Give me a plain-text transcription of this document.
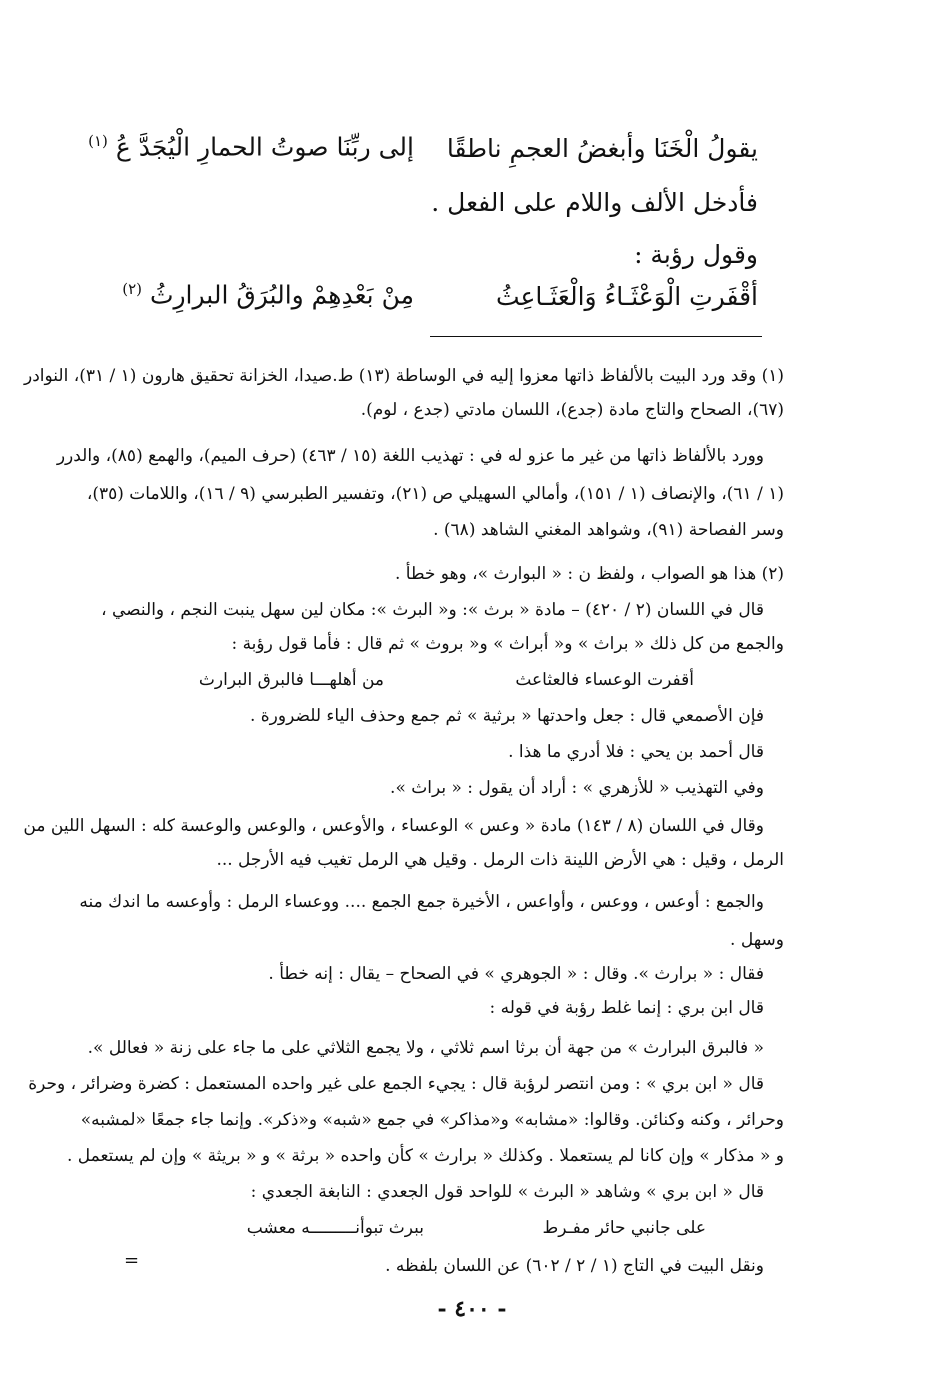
يقولُ الْخَنَا وأبغضُ العجمِ ناطقًا
إلى ربِّنَا صوتُ الحمارِ الْيُجَدَّ عُ $^{(١)}$
فأدخل الألف واللام على الفعل .
وقول رؤبة :
أقْفَرتِ الْوَعْثَـاءُ وَالْعَثَـاعِثُ
مِنْ بَعْدِهِمْ والبُرَقُ البرارِثُ $^{(٢)}$
(١) وقد ورد البيت بالألفاظ ذاتها معزوا إليه في الوساطة (١٣) ط.صيدا، الخزانة تحقيق هارون (١ / ٣١)، النوادر
(٦٧)، الصحاح والتاج مادة (جدع)، اللسان مادتي (جدع ، لوم).
وورد بالألفاظ ذاتها من غير ما عزو له في : تهذيب اللغة (١٥ / ٤٦٣) (حرف الميم)، والهمع (٨٥)، والدرر
(١ / ٦١)، والإنصاف (١ / ١٥١)، وأمالي السهيلي ص (٢١)، وتفسير الطبرسي (٩ / ١٦)، واللامات (٣٥)،
وسر الفصاحة (٩١)، وشواهد المغني الشاهد (٦٨) .
(٢) هذا هو الصواب ، ولفظ ن : « البوارث »، وهو خطأ .
قال في اللسان (٢ / ٤٢٠) – مادة « برث »: و« البرث »: مكان لين سهل ينبت النجم ، والنصي ،
والجمع من كل ذلك « براث » و« أبراث » و« بروث » ثم قال : فأما قول رؤبة :
أقفرت الوعساء فالعثاعث
من أهلهـــا فالبرق البرارث
فإن الأصمعي قال : جعل واحدتها « برثية » ثم جمع وحذف الياء للضرورة .
قال أحمد بن يحي : فلا أدري ما هذا .
وفي التهذيب « للأزهري » : أراد أن يقول : « براث ».
وقال في اللسان (٨ / ١٤٣) مادة « وعس » الوعساء ، والأوعس ، والوعس والوعسة كله : السهل اللين من
الرمل ، وقيل : هي الأرض اللينة ذات الرمل . وقيل هي الرمل تغيب فيه الأرجل ...
والجمع : أوعس ، ووعس ، وأواعس ، الأخيرة جمع الجمع .... ووعساء الرمل : وأوعسه ما اندك منه
وسهل .
فقال : « برارث ». وقال : « الجوهري » في الصحاح – يقال : إنه خطأ .
قال ابن بري : إنما غلط رؤبة في قوله :
« فالبرق البرارث » من جهة أن برثا اسم ثلاثي ، ولا يجمع الثلاثي على ما جاء على زنة « فعالل ».
قال « ابن بري » : ومن انتصر لرؤبة قال : يجيء الجمع على غير واحده المستعمل : كضرة وضرائر ، وحرة
وحرائر ، وكنه وكنائن. وقالوا: «مشابه» و«مذاكر» في جمع «شبه» و«ذكر». وإنما جاء جمعًا «لمشبه»
و « مذكار » وإن كانا لم يستعملا . وكذلك « برارث » كأن واحده « برثة » و « بريثة » وإن لم يستعمل .
قال « ابن بري » وشاهد « البرث » للواحد قول الجعدي : النابغة الجعدي :
على جانبي حائر مفـرط
ببرث تبوأنـــــــــه معشب
ونقل البيت في التاج (١ / ٢ / ٦٠٢) عن اللسان بلفظه .
=
- ٤٠٠ -
